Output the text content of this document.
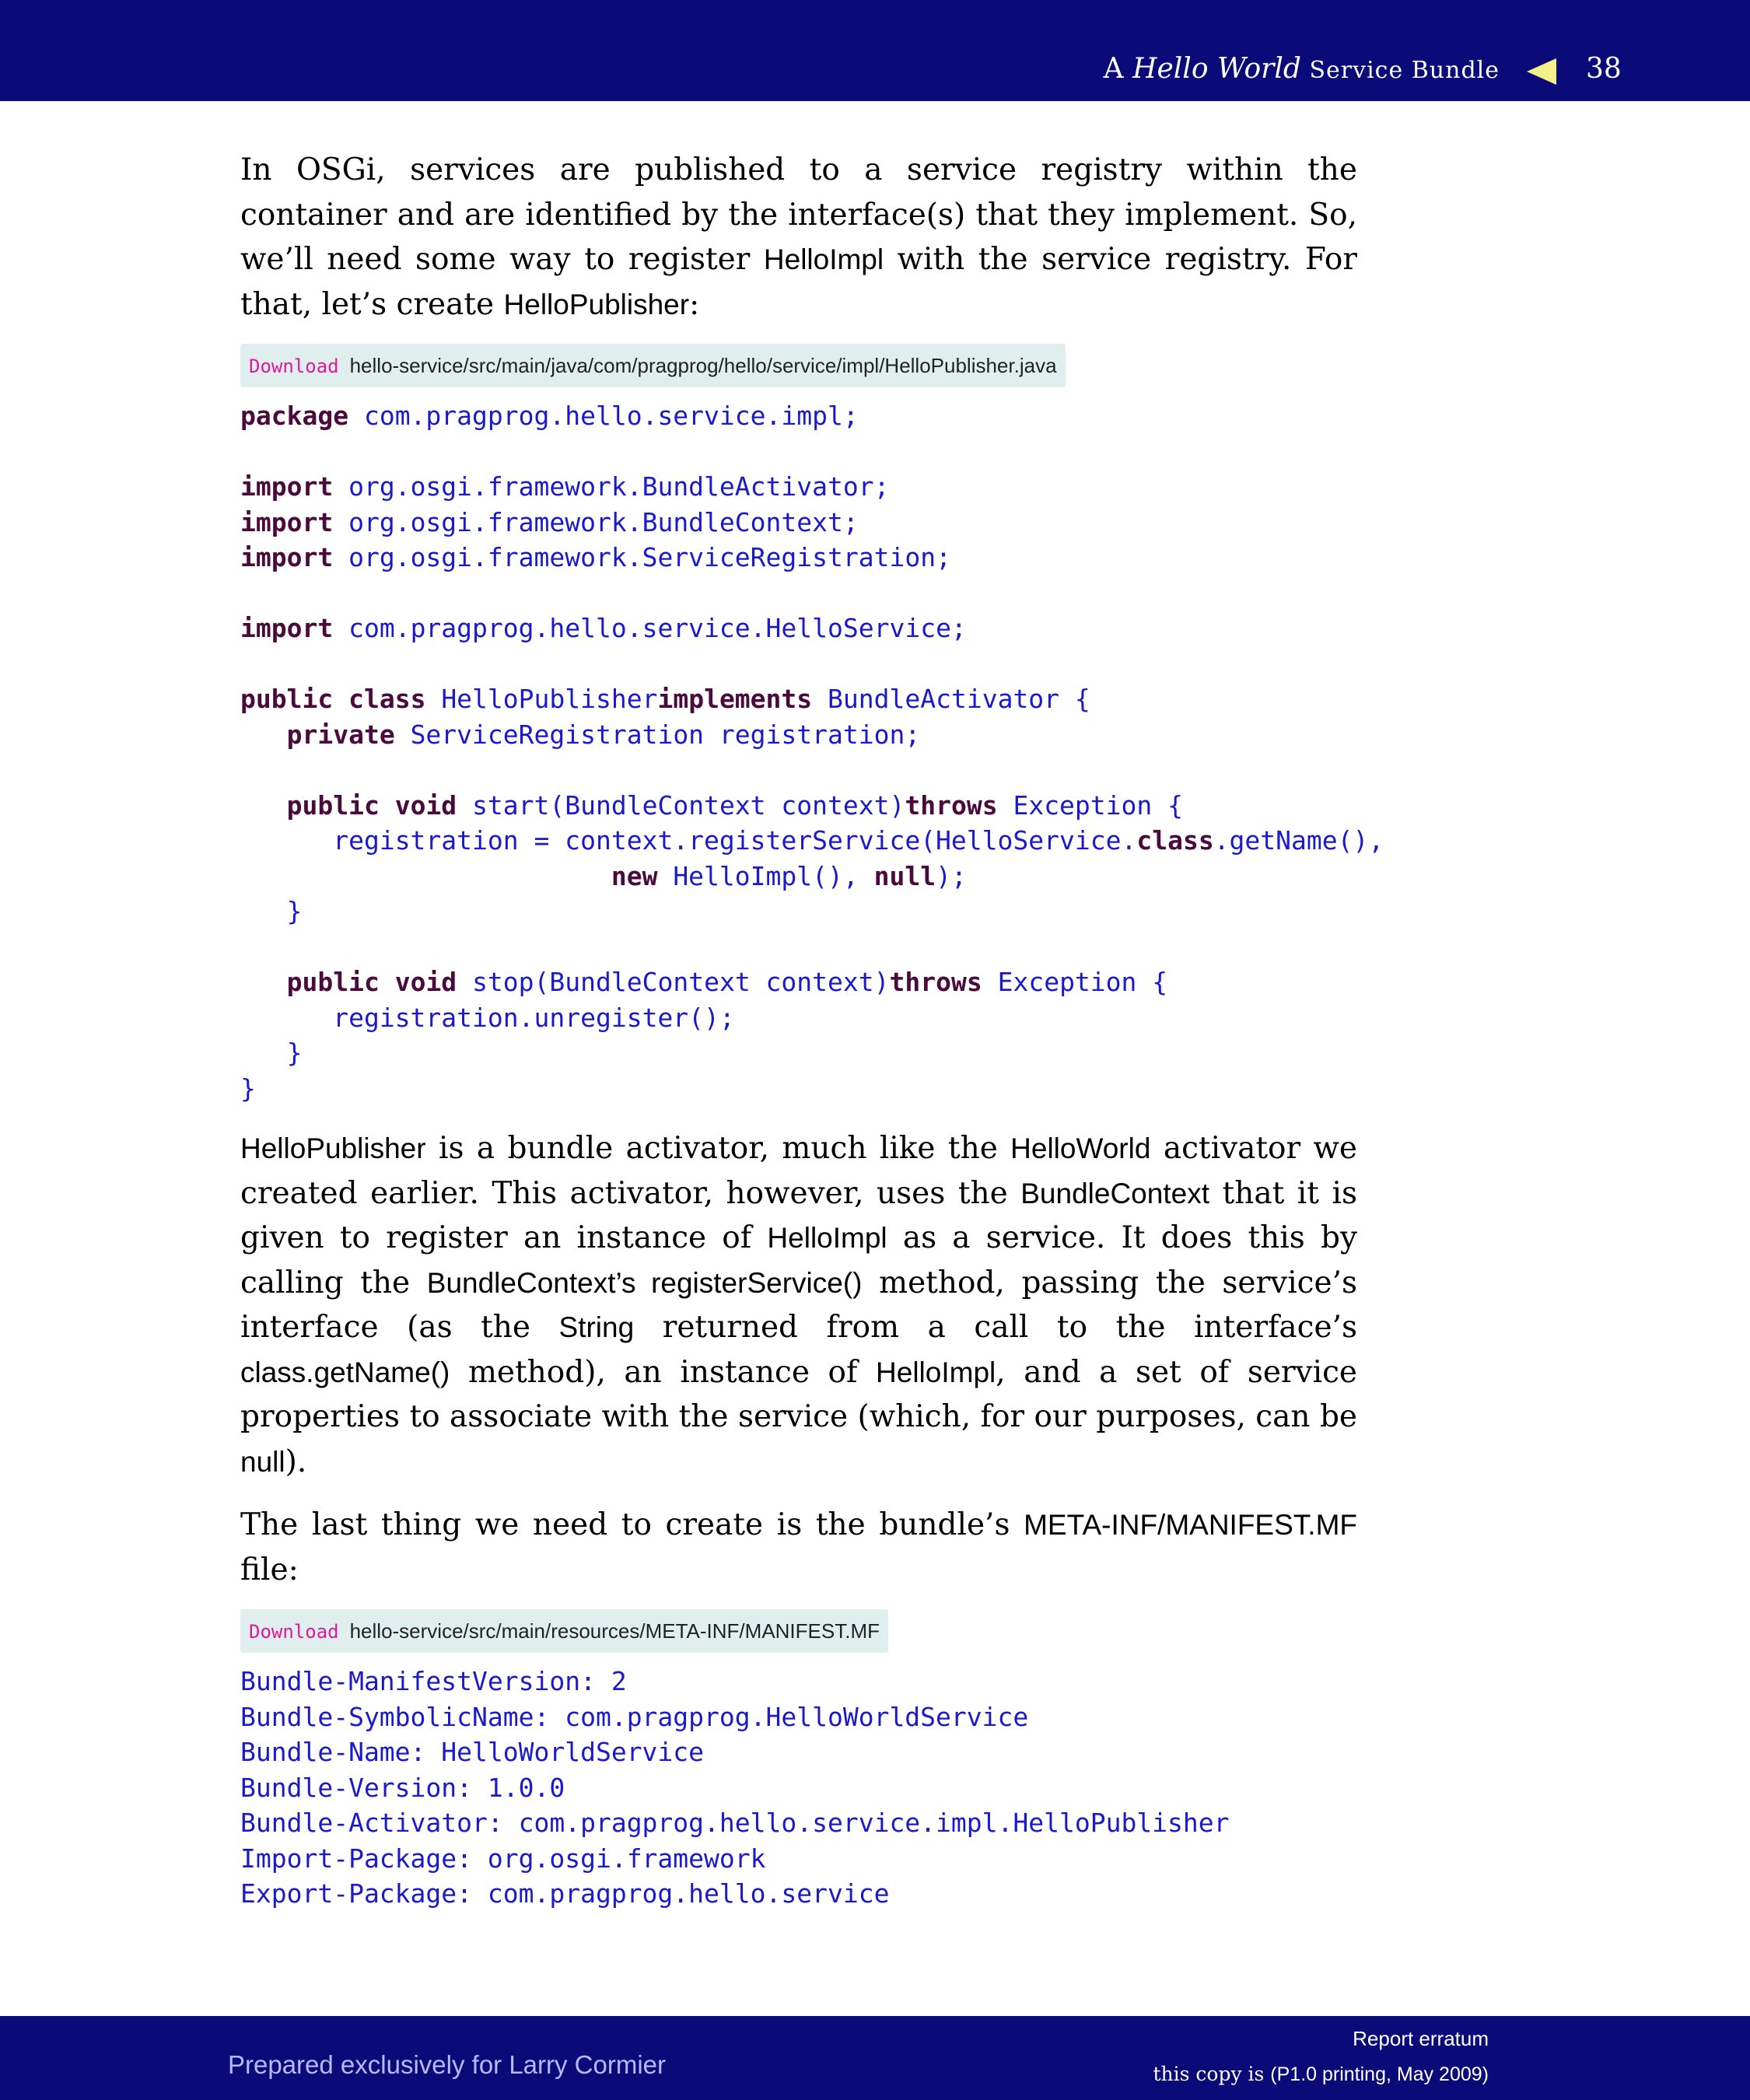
A Hello World Service Bundle	38

In OSGi, services are published to a service registry within the container and are identified by the interface(s) that they implement. So, we’ll need some way to register HelloImpl with the service registry. For that, let’s create HelloPublisher:

Download hello-service/src/main/java/com/pragprog/hello/service/impl/HelloPublisher.java
package com.pragprog.hello.service.impl;

import org.osgi.framework.BundleActivator;
import org.osgi.framework.BundleContext;
import org.osgi.framework.ServiceRegistration;

import com.pragprog.hello.service.HelloService;

public class HelloPublisherimplements BundleActivator {
private ServiceRegistration registration;

public void start(BundleContext context)throws Exception {
registration = context.registerService(HelloService.class.getName(),
new HelloImpl(), null);
}

public void stop(BundleContext context)throws Exception {
registration.unregister();
}
}

HelloPublisher is a bundle activator, much like the HelloWorld activator we created earlier. This activator, however, uses the BundleContext that it is given to register an instance of HelloImpl as a service. It does this by calling the BundleContext’s registerService() method, passing the service’s interface (as the String returned from a call to the interface’s class.getName() method), an instance of HelloImpl, and a set of service properties to associate with the service (which, for our purposes, can be null).

The last thing we need to create is the bundle’s META-INF/MANIFEST.MF file:

Download hello-service/src/main/resources/META-INF/MANIFEST.MF
Bundle-ManifestVersion: 2
Bundle-SymbolicName: com.pragprog.HelloWorldService
Bundle-Name: HelloWorldService
Bundle-Version: 1.0.0
Bundle-Activator: com.pragprog.hello.service.impl.HelloPublisher
Import-Package: org.osgi.framework
Export-Package: com.pragprog.hello.service

Prepared exclusively for Larry Cormier
Report erratum
this copy is (P1.0 printing, May 2009)
